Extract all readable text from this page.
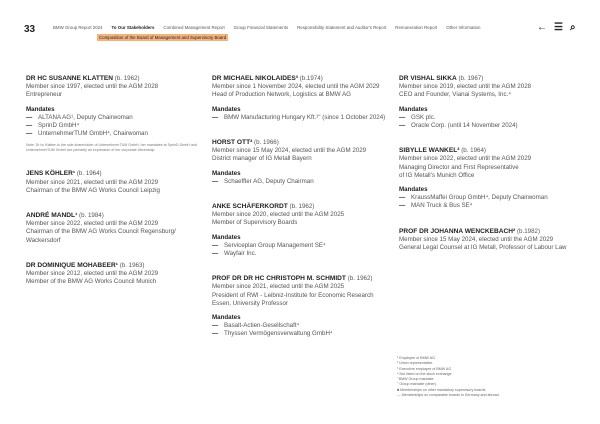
33	BMW Group Report 2024 To Our Stakeholders Combined Management Report Group Financial Statements Responsibility Statement and Auditor's Report Remuneration Report Other Information
Composition of the Board of Management and Supervisory Board
← ☰ ⌕
DR HC SUSANNE KLATTEN (b. 1962)
Member since 1997, elected until the AGM 2028
Entrepreneur
Mandates
— ALTANA AG¹, Deputy Chairwoman
— SprinD GmbH⁴
— UnternehmerTUM GmbH⁴, Chairwoman
Note: Dr hc Klatten is the sole shareholder of UnternehmerTUM GmbH; her mandates at SprinD GmbH and UnternehmerTUM GmbH are primarily an expression of her corporate citizenship.
JENS KÖHLER¹ (b. 1964)
Member since 2021, elected until the AGM 2029
Chairman of the BMW AG Works Council Leipzig
ANDRÉ MANDL¹ (b. 1984)
Member since 2022, elected until the AGM 2029
Chairman of the BMW AG Works Council Regensburg/
Wackersdorf
DR DOMINIQUE MOHABEER¹ (b. 1963)
Member since 2012, elected until the AGM 2029
Member of the BMW AG Works Council Munich
DR MICHAEL NIKOLAIDES³ (b.1974)
Member since 1 November 2024, elected until the AGM 2029
Head of Production Network, Logistics at BMW AG
Mandates
— BMW Manufacturing Hungary Kft.¹ʹʹ (since 1 October 2024)
HORST OTT² (b. 1966)
Member since 15 May 2024, elected until the AGM 2029
District manager of IG Metall Bayern
Mandates
— Schaeffler AG, Deputy Chairman
ANKE SCHÄFERKORDT (b. 1962)
Member since 2020, elected until the AGM 2025
Member of Supervisory Boards
Mandates
— Serviceplan Group Management SE⁴
— Wayfair Inc.
PROF DR DR HC CHRISTOPH M. SCHMIDT (b. 1962)
Member since 2021, elected until the AGM 2025
President of RWI - Leibniz-Institute for Economic Research
Essen, University Professor
Mandates
— Basalt-Actien-Gesellschaft⁴
— Thyssen Vermögensverwaltung GmbH⁴
DR VISHAL SIKKA (b. 1967)
Member since 2019, elected until the AGM 2028
CEO and Founder, Vianai Systems, Inc.⁴
Mandates
— GSK plc.
— Oracle Corp. (until 14 November 2024)
SIBYLLE WANKEL² (b. 1964)
Member since 2022, elected until the AGM 2029
Managing Director and First Representative
of IG Metall's Munich Office
Mandates
— KraussMaffei Group GmbH⁴, Deputy Chairwoman
— MAN Truck & Bus SE⁴
PROF DR JOHANNA WENCKEBACH² (b.1982)
Member since 15 May 2024, elected until the AGM 2029
General Legal Counsel at IG Metall, Professor of Labour Law
¹ Employee of BMW AG.
² Union representative.
³ Executive employee of BMW AG.
⁴ Not listed on the stock exchange.
ʹ BMW Group mandate.
ʹʹ Group mandate (other).
■ Memberships on other mandatory supervisory boards.
— Memberships on comparable boards in Germany and abroad.
